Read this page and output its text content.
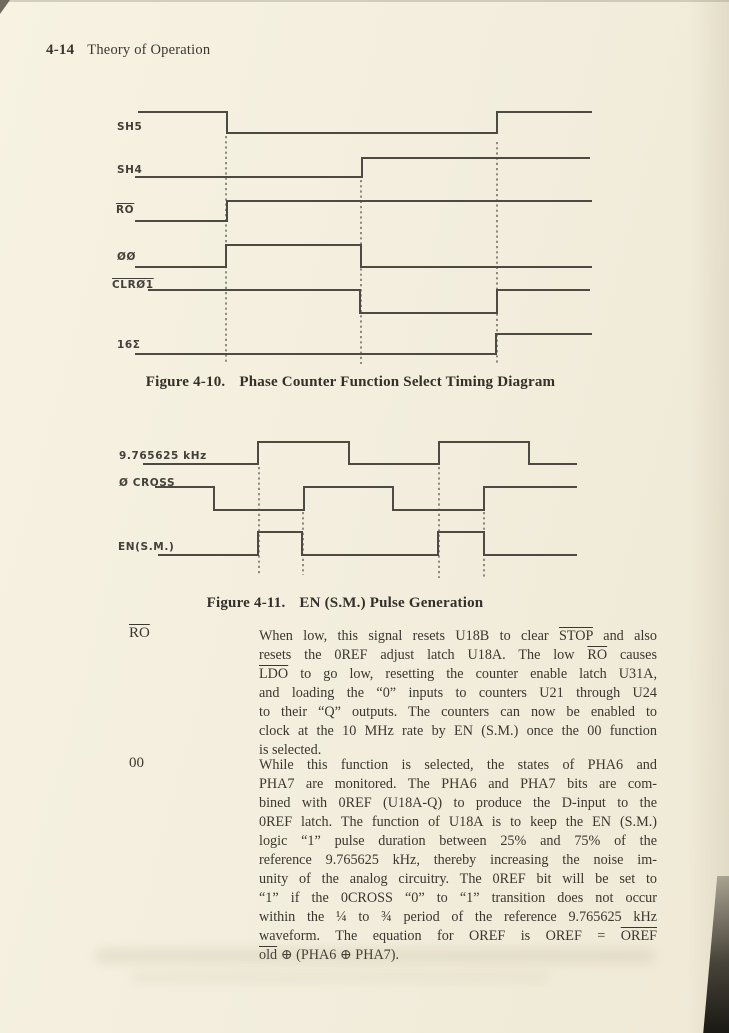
4-14 Theory of Operation
SH5
SH4
$\overline{RO}$
ØØ
CLRØ1
16Σ
Figure 4-10. Phase Counter Function Select Timing Diagram
9.765625 kHz
Ø CROSS
EN(S.M.)
Figure 4-11. EN (S.M.) Pulse Generation
$\overline{RO}$	When low, this signal resets U18B to clear STOP and also
resets the 0REF adjust latch U18A. The low $\overline{RO}$ causes
$\overline{LDO}$ to go low, resetting the counter enable latch U31A,
and loading the “0” inputs to counters U21 through U24
to their “Q” outputs. The counters can now be enabled to
clock at the 10 MHz rate by EN (S.M.) once the 00 function
is selected.
00	While this function is selected, the states of PHA6 and
PHA7 are monitored. The PHA6 and PHA7 bits are com-
bined with 0REF (U18A-Q) to produce the D-input to the
0REF latch. The function of U18A is to keep the EN (S.M.)
logic “1” pulse duration between 25% and 75% of the
reference 9.765625 kHz, thereby increasing the noise im-
unity of the analog circuitry. The 0REF bit will be set to
“1” if the 0CROSS “0” to “1” transition does not occur
within the ¼ to ¾ period of the reference 9.765625 kHz
waveform. The equation for OREF is OREF = OREF
$\overline{old}$ ⊕ (PHA6 ⊕ PHA7).
